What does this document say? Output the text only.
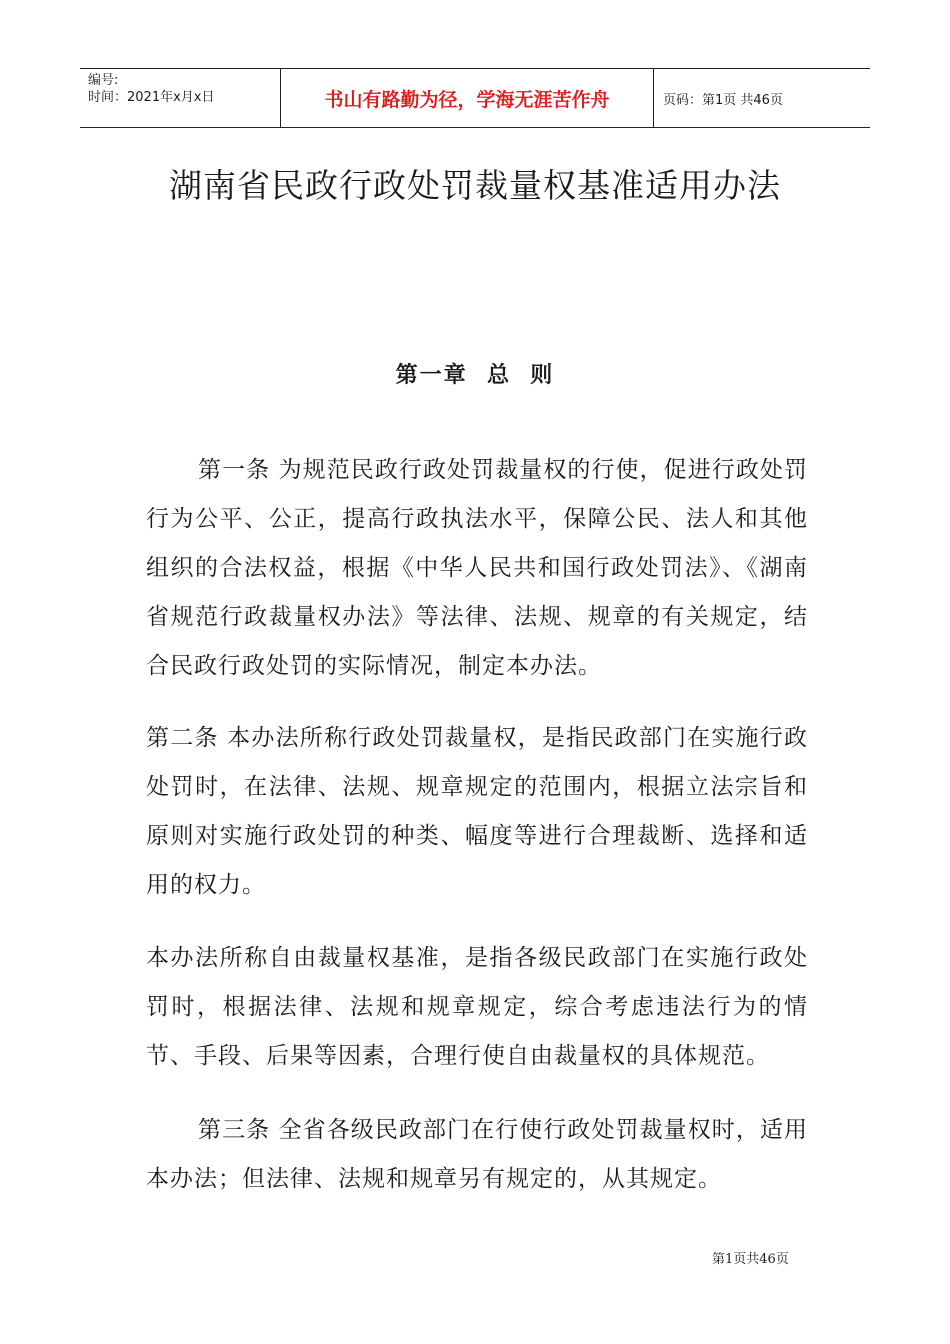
编号:
时间：2021年x月x日	书山有路勤为径，学海无涯苦作舟	页码：第1页 共46页
湖南省民政行政处罚裁量权基准适用办法
第一章  总  则

第一条 为规范民政行政处罚裁量权的行使，促进行政处罚行为公平、公正，提高行政执法水平，保障公民、法人和其他组织的合法权益，根据《中华人民共和国行政处罚法》、《湖南省规范行政裁量权办法》等法律、法规、规章的有关规定，结合民政行政处罚的实际情况，制定本办法。

第二条 本办法所称行政处罚裁量权，是指民政部门在实施行政处罚时，在法律、法规、规章规定的范围内，根据立法宗旨和原则对实施行政处罚的种类、幅度等进行合理裁断、选择和适用的权力。

本办法所称自由裁量权基准，是指各级民政部门在实施行政处罚时，根据法律、法规和规章规定，综合考虑违法行为的情节、手段、后果等因素，合理行使自由裁量权的具体规范。

第三条 全省各级民政部门在行使行政处罚裁量权时，适用本办法；但法律、法规和规章另有规定的，从其规定。

第1页共46页
